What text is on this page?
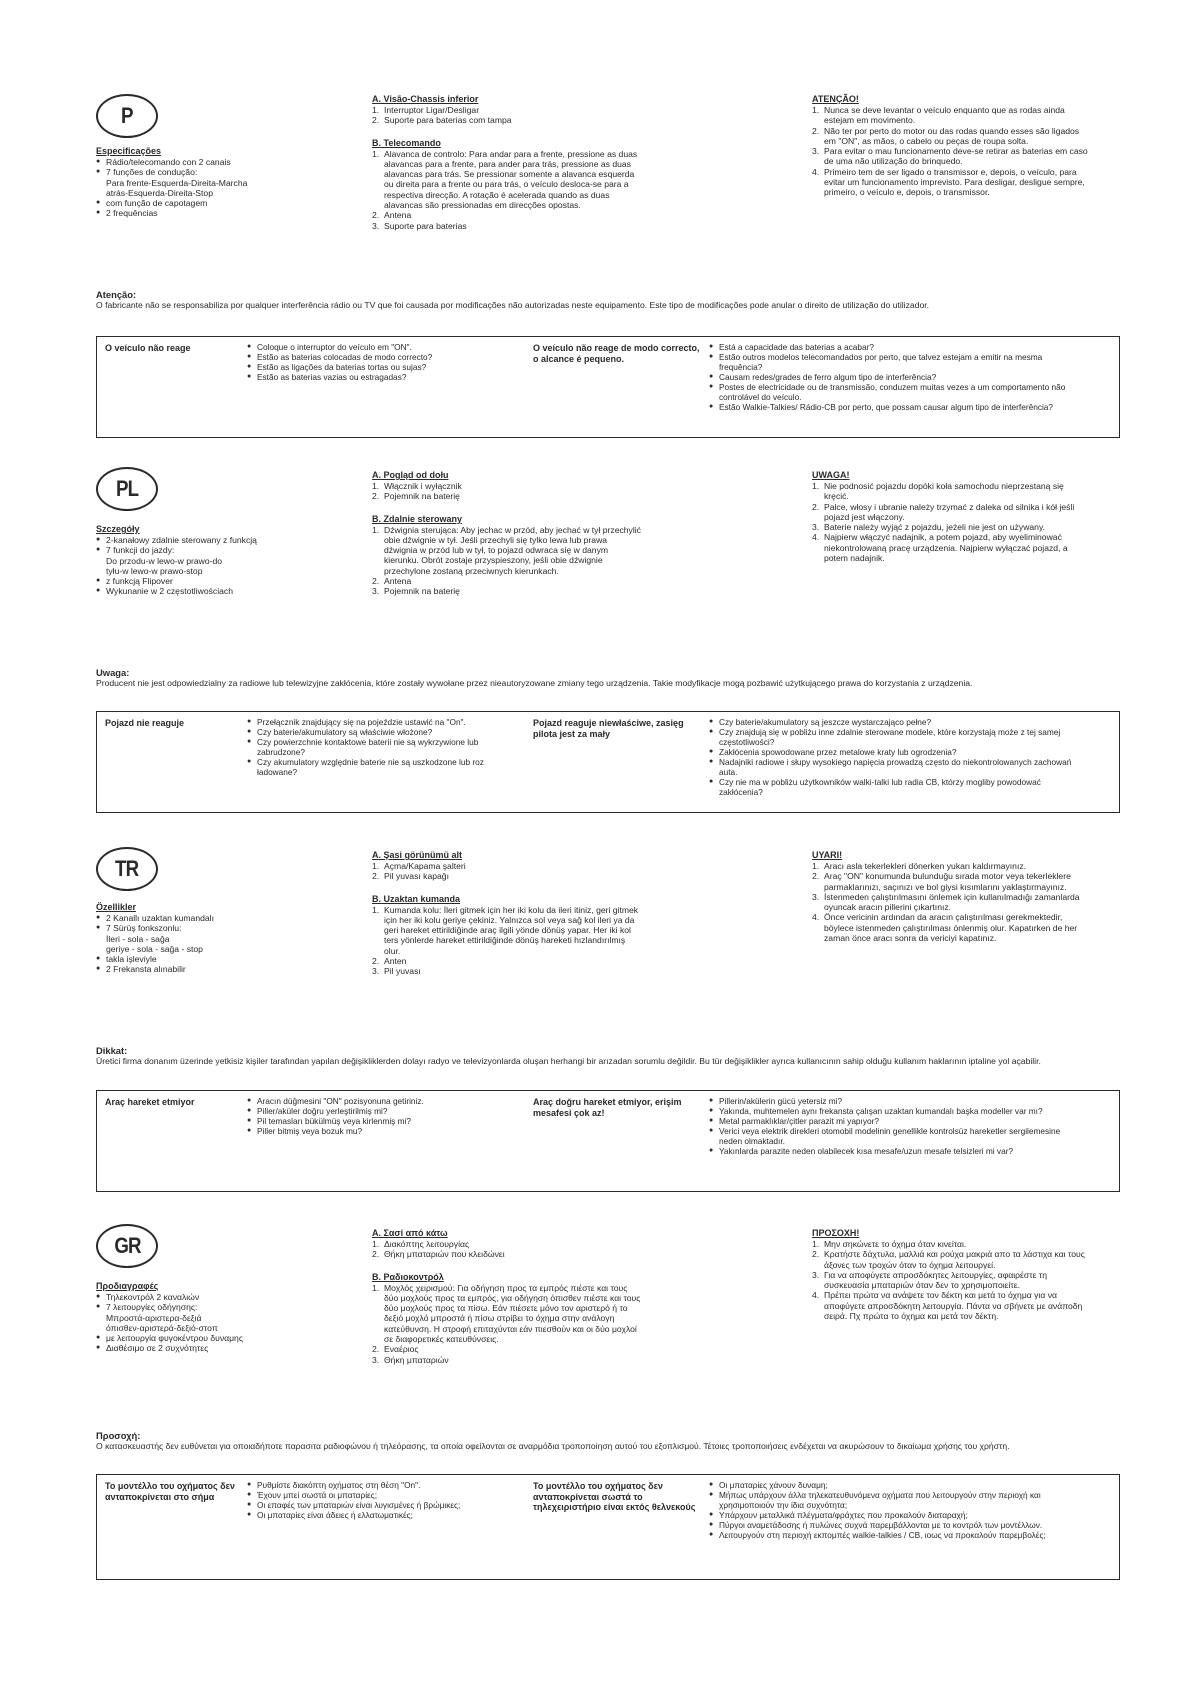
P
Especificações
● Rádio/telecomando con 2 canais
● 7 funções de condução:
Para frente-Esquerda-Direita-Marcha
atrás-Esquerda-Direita-Stop
● com função de capotagem
● 2 frequências
A. Visão-Chassis inferior
1. Interruptor Ligar/Desligar
2. Suporte para baterias com tampa
B. Telecomando
1. Alavanca de controlo: Para andar para a frente, pressione as duas alavancas para a frente, para ander para trás, pressione as duas alavancas para trás. Se pressionar somente a alavanca esquerda ou direita para a frente ou para trás, o veículo desloca-se para a respectiva direcção. A rotação é acelerada quando as duas alavancas são pressionadas em direcções opostas.
2. Antena
3. Suporte para baterias
ATENÇÃO!
1. Nunca se deve levantar o veículo enquanto que as rodas ainda estejam em movimento.
2. Não ter por perto do motor ou das rodas quando esses são ligados em "ON", as mãos, o cabelo ou peças de roupa solta.
3. Para evitar o mau funcionamento deve-se retirar as baterias em caso de uma não utilização do brinquedo.
4. Primeiro tem de ser ligado o transmissor e, depois, o veículo, para evitar um funcionamento imprevisto. Para desligar, desligue sempre, primeiro, o veículo e, depois, o transmissor.
Atenção:
O fabricante não se responsabiliza por qualquer interferência rádio ou TV que foi causada por modificações não autorizadas neste equipamento. Este tipo de modificações pode anular o direito de utilização do utilizador.
O veículo não reage	● Coloque o interruptor do veículo em "ON".
● Estão as baterias colocadas de modo correcto?
● Estão as ligações da baterias tortas ou sujas?
● Estão as baterias vazias ou estragadas?
O veículo não reage de modo correcto, o alcance é pequeno.
● Está a capacidade das baterias a acabar?
● Estão outros modelos telecomandados por perto, que talvez estejam a emitir na mesma frequência?
● Causam redes/grades de ferro algum tipo de interferência?
● Postes de electricidade ou de transmissão, conduzem muitas vezes a um comportamento não controlável do veículo.
● Estão Walkie-Talkies/ Rádio-CB por perto, que possam causar algum tipo de interferência?
PL
Szczegóły
● 2-kanałowy zdalnie sterowany z funkcją
● 7 funkcji do jazdy:
Do przodu-w lewo-w prawo-do
tyłu-w lewo-w prawo-stop
● z funkcją Flipover
● Wykunanie w 2 częstotliwościach
A. Pogląd od dołu
1. Włącznik i wyłącznik
2. Pojemnik na baterię
B. Zdalnie sterowany
1. Dźwignia sterująca: Aby jechac w przód, aby jechać w tył przechylić obie dźwignie w tył. Jeśli przechyli się tylko lewa lub prawa dźwignia w przód lub w tył, to pojazd odwraca się w danym kierunku. Obrót zostaje przyspieszony, jeśli obie dźwignie przechylone zostaną przeciwnych kierunkach.
2. Antena
3. Pojemnik na baterię
UWAGA!
1. Nie podnosić pojazdu dopóki koła samochodu nieprzestaną się kręcić.
2. Palce, włosy i ubranie należy trzymać z daleka od silnika i kół jeśli pojazd jest włączony.
3. Baterie należy wyjąć z pojazdu, jeżeli nie jest on używany.
4. Najpierw włączyć nadajnik, a potem pojazd, aby wyeliminować niekontrolowaną pracę urządzenia. Najpierw wyłączać pojazd, a potem nadajnik.
Uwaga:
Producent nie jest odpowiedzialny za radiowe lub telewizyjne zakłócenia, które zostały wywołane przez nieautoryzowane zmiany tego urządzenia. Takie modyfikacje mogą pozbawić użytkującego prawa do korzystania z urządzenia.
Pojazd nie reaguje	● Przełącznik znajdujący się na pojeździe ustawić na "On".
● Czy baterie/akumulatory są właściwie włożone?
● Czy powierzchnie kontaktowe baterii nie są wykrzywione lub zabrudzone?
● Czy akumulatory względnie baterie nie są uszkodzone lub roz ładowane?
Pojazd reaguje niewłaściwe, zasięg pilota jest za mały
● Czy baterie/akumulatory są jeszcze wystarczająco pełne?
● Czy znajdują się w pobliżu inne zdalnie sterowane modele, które korzystają może z tej samej częstotliwości?
● Zakłócenia spowodowane przez metalowe kraty lub ogrodzenia?
● Nadajniki radiowe i słupy wysokiego napięcia prowadzą często do niekontrolowanych zachowań auta.
● Czy nie ma w pobliżu użytkowników walki-talki lub radia CB, którzy mogliby powodować zakłócenia?
TR
Özellikler
● 2 Kanallı uzaktan kumandalı
● 7 Sürüş fonkszonlu:
İleri - sola - sağa
geriye - sola - sağa - stop
● takla işleviyle
● 2 Frekansta alınabilir
A. Şasi görünümü alt
1. Açma/Kapama şalteri
2. Pil yuvası kapağı
B. Uzaktan kumanda
1. Kumanda kolu: İleri gitmek için her iki kolu da ileri itiniz, geri gitmek için her iki kolu geriye çekiniz. Yalnızca sol veya sağ kol ileri ya da geri hareket ettirildiğinde araç ilgili yönde dönüş yapar. Her iki kol ters yönlerde hareket ettirildiğinde dönüş hareketi hızlandırılmış olur.
2. Anten
3. Pil yuvası
UYARI!
1. Aracı asla tekerlekleri dönerken yukarı kaldırmayınız.
2. Araç "ON" konumunda bulunduğu sırada motor veya tekerleklere parmaklarınızı, saçınızı ve bol giysi kısımlarını yaklaştırmayınız.
3. İstenmeden çalıştırılmasını önlemek için kullanılmadığı zamanlarda oyuncak aracın pillerini çıkartınız.
4. Önce vericinin ardından da aracın çalıştırılması gerekmektedir, böylece istenmeden çalıştırılması önlenmiş olur. Kapatırken de her zaman önce aracı sonra da vericiyi kapatınız.
Dikkat:
Üretici firma donanım üzerinde yetkisiz kişiler tarafından yapılan değişikliklerden dolayı radyo ve televizyonlarda oluşan herhangi bir arızadan sorumlu değildir. Bu tür değişiklikler ayrıca kullanıcının sahip olduğu kullanım haklarının iptaline yol açabilir.
Araç hareket etmiyor	● Aracın düğmesini "ON" pozisyonuna getiriniz.
● Piller/aküler doğru yerleştirilmiş mi?
● Pil temasları bükülmüş veya kirlenmiş mi?
● Piller bitmiş veya bozuk mu?
Araç doğru hareket etmiyor, erişim mesafesi çok az!
● Pillerin/akülerin gücü yetersiz mi?
● Yakında, muhtemelen aynı frekansta çalışan uzaktan kumandalı başka modeller var mı?
● Metal parmaklıklar/çitler parazit mi yapıyor?
● Verici veya elektrik direkleri otomobil modelinin genellikle kontrolsüz hareketler sergilemesine neden olmaktadır.
● Yakınlarda parazite neden olabilecek kısa mesafe/uzun mesafe telsizleri mi var?
GR
Προδιαγραφές
● Τηλεκοντρόλ 2 καναλιών
● 7 λειτουργίες οδήγησης:
Μπροστά-αριστερα-δεξιά
όπισθεν-αριστερά-δεξιό-στοπ
● με λειτουργία φυγοκέντρου δυναμης
● Διαθέσιμο σε 2 συχνότητες
A. Σασί από κάτω
1. Διακόπτης λειτουργίας
2. Θήκη μπαταριών που κλειδώνει
B. Ραδιοκοντρόλ
1. Μοχλός χειρισμού: Για οδήγηση προς τα εμπρός πιέστε και τους δύο μοχλούς προς τα εμπρός, για οδήγηση όπισθεν πιέστε και τους δύο μοχλούς προς τα πίσω. Εάν πιέσετε μόνο τον αριστερό ή το δεξιό μοχλό μπροστά ή πίσω στρίβει το όχημα στην ανάλογη κατεύθυνση. Η στροφή επιταχύνται εάν πιεσθούν και οι δύο μοχλοί σε διαφορετικές κατευθύνσεις.
2. Εναέριος
3. Θήκη μπαταριών
ΠΡΟΣΟΧΗ!
1. Μην σηκώνετε το όχημα όταν κινείται.
2. Κρατήστε δάχτυλα, μαλλιά και ρούχα μακριά απο τα λάστιχα και τους άξονες των τροχών όταν το όχημα λειτουργεί.
3. Για να αποφύγετε απροσδόκητες λειτουργίες, αφαιρέστε τη συσκευασία μπαταριών όταν δεν το χρησιμοποιείτε.
4. Πρέπει πρώτα να ανάψετε τον δέκτη και μετά το όχημα για να αποφύγετε απροσδόκητη λειτουργία. Πάντα να σβήνετε με ανάποδη σειρά. Πχ πρώτα το όχημα και μετά τον δέκτη.
Προσοχή:
Ο κατασκευαστής δεν ευθύνεται για οποιαδήποτε παρασιτα ραδιοφώνου ή τηλεόρασης, τα οποία οφείλονται σε αναρμόδια τροποποίηση αυτού του εξοπλισμού. Τέτοιες τροποποιήσεις ενδέχεται να ακυρώσουν το δικαίωμα χρήσης του χρήστη.
Το μοντέλλο του οχήματος δεν ανταποκρίνεται στο σήμα
● Ρυθμίστε διακόπτη οχήματος στη θέση "On".
● Έχουν μπεί σωστά οι μπαταρίες;
● Οι επαφές των μπαταριών είναι λυγισμένες ή βρώμικες;
● Οι μπαταρίες είναι άδειες ή ελλατωματικές;
Το μοντέλλο του οχήματος δεν ανταποκρίνεται σωστά το τηλεχειριστήριο είναι εκτός θελνεκούς
● Οι μπαταρίες χάνουν δυναμη;
● Μήπως υπάρχουν άλλα τηλεκατευθυνόμενα οχήματα που λειτουργούν στην περιοχή και χρησιμοποιούν την ίδια συχνότητα;
● Υπάρχουν μεταλλικά πλέγματα/φράχτες που προκαλούν διαταραχή;
● Πύργοι αναμετάδοσης ή πυλώνες συχνά παρεμβάλλονται με το κοντρόλ των μοντέλλων.
● Λειτουργούν στη περιοχή εκπομπές walkie-talkies / CB, ιοως να προκαλούν παρεμβολές;
